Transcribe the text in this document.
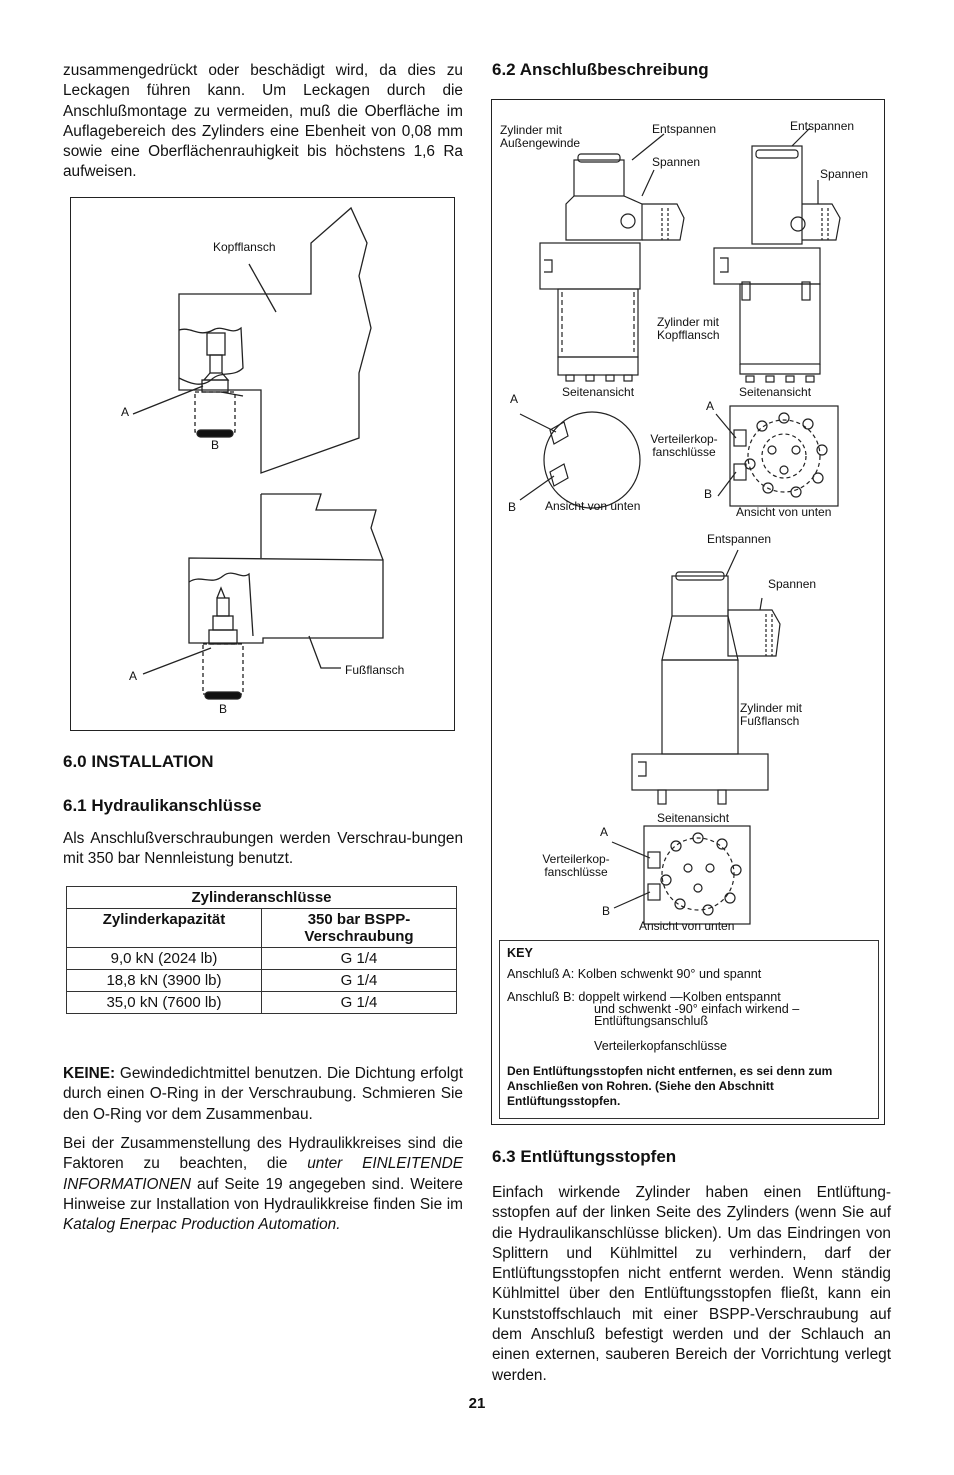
zusammengedrückt oder beschädigt wird, da dies zu Leckagen führen kann. Um Leckagen durch die Anschlußmontage zu vermeiden, muß die Oberfläche im Auflagebereich des Zylinders eine Ebenheit von 0,08 mm sowie eine Oberflächenrauhigkeit bis höchstens 1,6 Ra aufweisen.

Kopfflansch
A
B
Fußflansch
A
B
6.0 INSTALLATION
6.1 Hydraulikanschlüsse

Als Anschlußverschraubungen werden Verschrau-bungen mit 350 bar Nennleistung benutzt.

Zylinderanschlüsse	
Zylinderkapazität	350 bar BSPP-Verschraubung
9,0 kN (2024 lb)	G 1/4
18,8 kN (3900 lb)	G 1/4
35,0 kN (7600 lb)	G 1/4

KEINE: Gewindedichtmittel benutzen. Die Dichtung erfolgt durch einen O-Ring in der Verschraubung. Schmieren Sie den O-Ring vor dem Zusammenbau.

Bei der Zusammenstellung des Hydraulikkreises sind die Faktoren zu beachten, die unter EINLEITENDE INFORMATIONEN auf Seite 19 angegeben sind. Weitere Hinweise zur Installation von Hydraulikkreise finden Sie im Katalog Enerpac Production Automation.

6.2 Anschlußbeschreibung
Zylinder mit Außengewinde
Entspannen
Spannen
Entspannen
Spannen
Zylinder mit Kopfflansch
Seitenansicht	Seitenansicht
A
B Ansicht von unten
A
Verteilerkop-fanschlüsse
B
Ansicht von unten
Entspannen
Spannen
Zylinder mit Fußflansch
Seitenansicht
A
Verteilerkop-fanschlüsse
B
Ansicht von unten
KEY
Anschluß A: Kolben schwenkt 90° und spannt
Anschluß B: doppelt wirkend —Kolben entspannt
und schwenkt -90° einfach wirkend –
Entlüftungsanschluß
Verteilerkopfanschlüsse
Den Entlüftungsstopfen nicht entfernen, es sei denn zum Anschließen von Rohren. (Siehe den Abschnitt Entlüftungsstopfen.
6.3 Entlüftungsstopfen

Einfach wirkende Zylinder haben einen Entlüftung-sstopfen auf der linken Seite des Zylinders (wenn Sie auf die Hydraulikanschlüsse blicken). Um das Eindringen von Splittern und Kühlmittel zu verhindern, darf der Entlüftungsstopfen nicht entfernt werden. Wenn ständig Kühlmittel über den Entlüftungsstopfen fließt, kann ein Kunststoffschlauch mit einer BSPP-Verschraubung auf dem Anschluß befestigt werden und der Schlauch an einen externen, sauberen Bereich der Vorrichtung verlegt werden.

21
